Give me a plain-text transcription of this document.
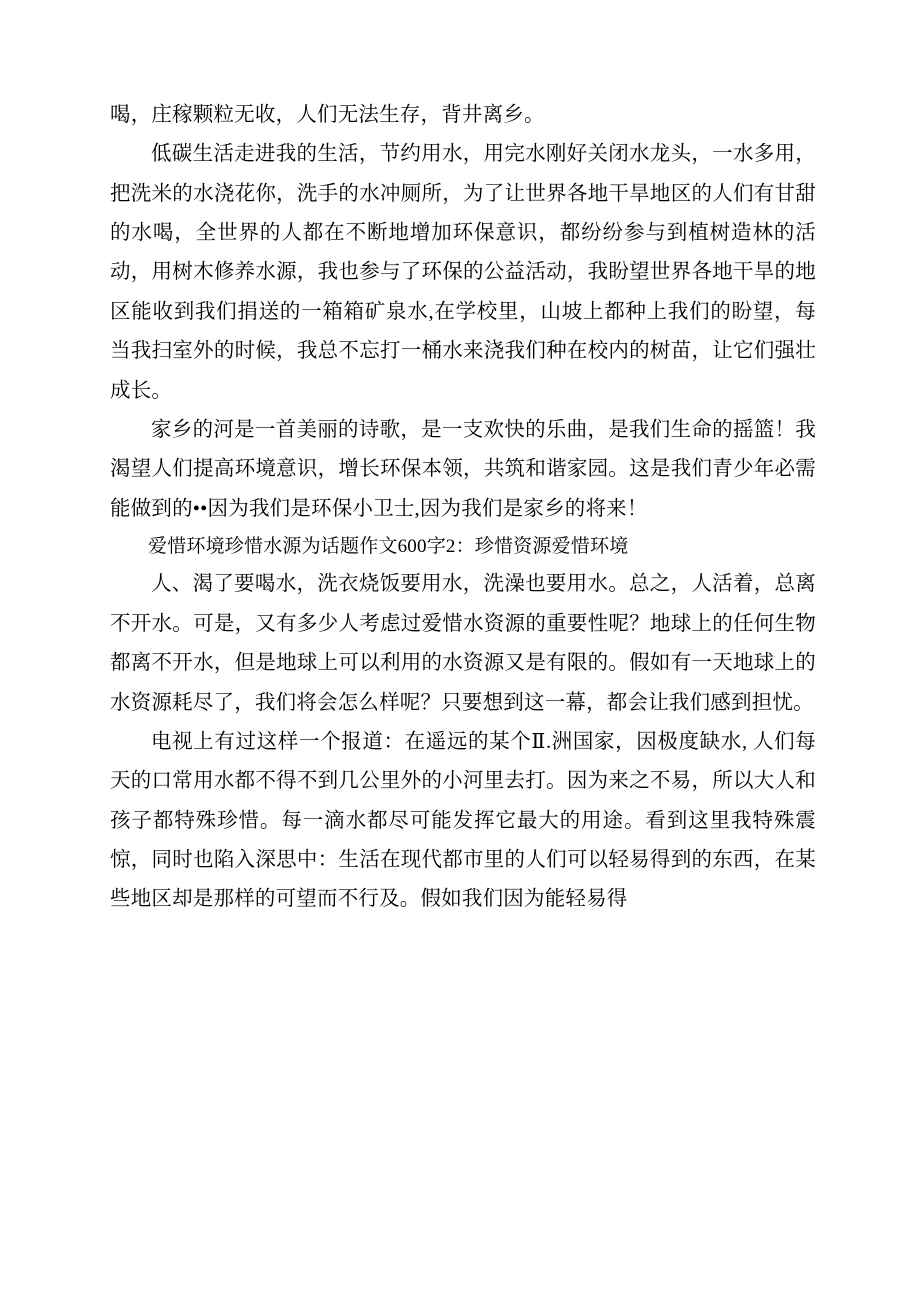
喝，庄稼颗粒无收，人们无法生存，背井离乡。

低碳生活走进我的生活，节约用水，用完水刚好关闭水龙头，一水多用，把洗米的水浇花你，洗手的水冲厕所，为了让世界各地干旱地区的人们有甘甜的水喝，全世界的人都在不断地增加环保意识，都纷纷参与到植树造林的活动，用树木修养水源，我也参与了环保的公益活动，我盼望世界各地干旱的地区能收到我们捐送的一箱箱矿泉水,在学校里，山坡上都种上我们的盼望，每当我扫室外的时候，我总不忘打一桶水来浇我们种在校内的树苗，让它们强壮成长。

家乡的河是一首美丽的诗歌，是一支欢快的乐曲，是我们生命的摇篮！我渴望人们提高环境意识，增长环保本领，共筑和谐家园。这是我们青少年必需能做到的••因为我们是环保小卫士,因为我们是家乡的将来！

爱惜环境珍惜水源为话题作文600字2：珍惜资源爱惜环境

人、渴了要喝水，洗衣烧饭要用水，洗澡也要用水。总之，人活着，总离不开水。可是，又有多少人考虑过爱惜水资源的重要性呢？地球上的任何生物都离不开水，但是地球上可以利用的水资源又是有限的。假如有一天地球上的水资源耗尽了，我们将会怎么样呢？只要想到这一幕，都会让我们感到担忧。

电视上有过这样一个报道：在遥远的某个Ⅱ.洲国家，因极度缺水, 人们每天的口常用水都不得不到几公里外的小河里去打。因为来之不易，所以大人和孩子都特殊珍惜。每一滴水都尽可能发挥它最大的用途。看到这里我特殊震惊，同时也陷入深思中：生活在现代都市里的人们可以轻易得到的东西，在某些地区却是那样的可望而不行及。假如我们因为能轻易得
